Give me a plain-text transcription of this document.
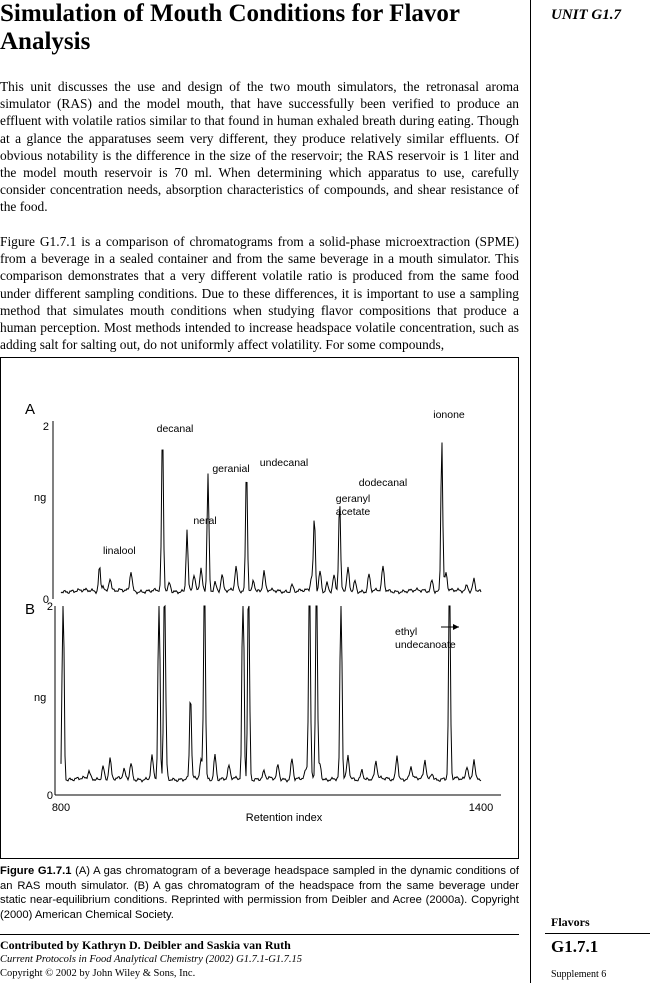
Simulation of Mouth Conditions for Flavor Analysis
UNIT G1.7

This unit discusses the use and design of the two mouth simulators, the retronasal aroma simulator (RAS) and the model mouth, that have successfully been verified to produce an effluent with volatile ratios similar to that found in human exhaled breath during eating. Though at a glance the apparatuses seem very different, they produce relatively similar effluents. Of obvious notability is the difference in the size of the reservoir; the RAS reservoir is 1 liter and the model mouth reservoir is 70 ml. When determining which apparatus to use, carefully consider concentration needs, absorption characteristics of compounds, and shear resistance of the food.

Figure G1.7.1 is a comparison of chromatograms from a solid-phase microextraction (SPME) from a beverage in a sealed container and from the same beverage in a mouth simulator. This comparison demonstrates that a very different volatile ratio is produced from the same food under different sampling conditions. Due to these differences, it is important to use a sampling method that simulates mouth conditions when studying flavor compositions that produce a human perception. Most methods intended to increase headspace volatile concentration, such as adding salt for salting out, do not uniformly affect volatility. For some compounds,

A
ng
2
0
linalool
decanal
neral
geranial undecanal
geranyl acetate
dodecanal
ionone
B
ng
2
0
ethyl undecanoate
800	1400
Retention index

Figure G1.7.1 (A) A gas chromatogram of a beverage headspace sampled in the dynamic conditions of an RAS mouth simulator. (B) A gas chromatogram of the headspace from the same beverage under static near-equilibrium conditions. Reprinted with permission from Deibler and Acree (2000a). Copyright (2000) American Chemical Society.

Contributed by Kathryn D. Deibler and Saskia van Ruth
Current Protocols in Food Analytical Chemistry (2002) G1.7.1-G1.7.15
Copyright © 2002 by John Wiley & Sons, Inc.
Flavors
G1.7.1
Supplement 6
